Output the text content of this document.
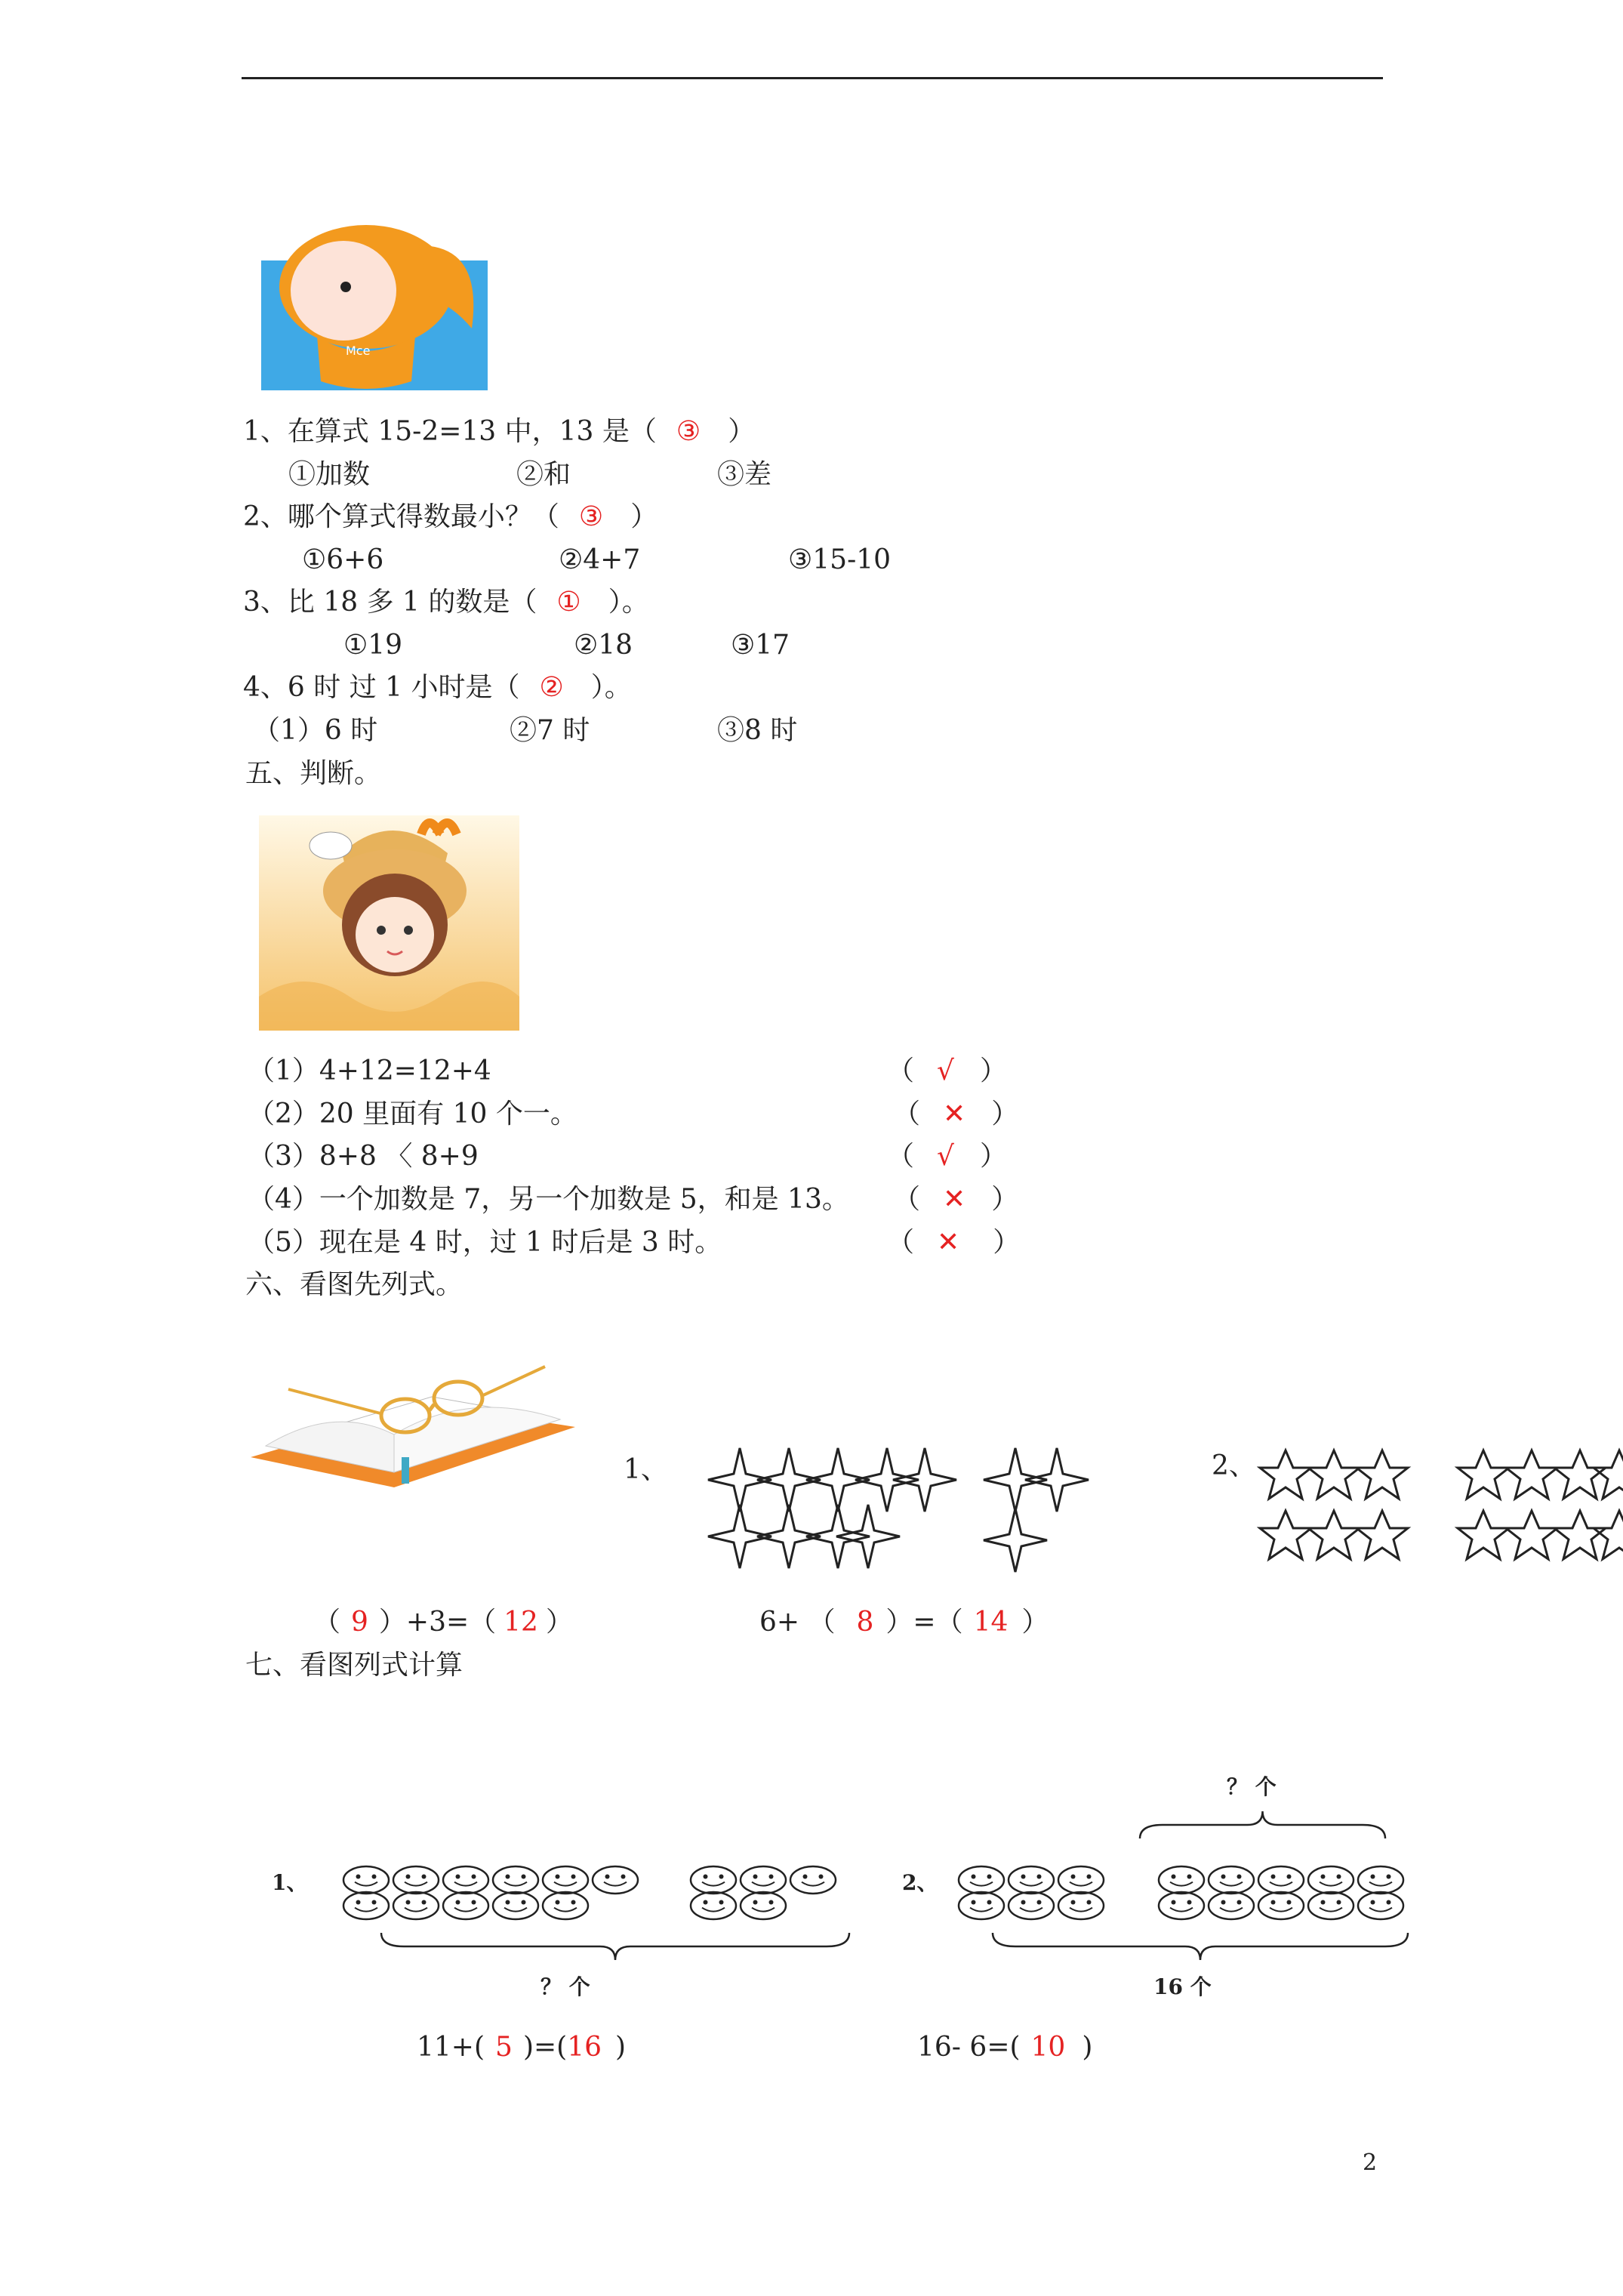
Mce
1、在算式 15-2=13 中，13 是（ ③ ）
①加数	②和	③差
2、哪个算式得数最小？（ ③ ）
①6+6	②4+7	③15-10
3、比 18 多 1 的数是（ ① ）。
①19	②18	③17
4、6 时 过 1 小时是（ ② ）。
（1）6 时	②7 时	③8 时
五、判断。
（1）4+12=12+4	（ √ ）
（2）20 里面有 10 个一。	（ ✕ ）
（3）8+8 〈 8+9	（ √ ）
（4）一个加数是 7，另一个加数是 5，和是 13。 （ ✕ ）
（5）现在是 4 时，过 1 时后是 3 时。	（ ✕ ）
六、看图先列式。
1、	2、
（ 9 ）+3=（ 12 ）	6+ （ 8 ）=（ 14 ）
七、看图列式计算
1、
？ 个
2、
？ 个
16 个
11+( 5 )=(16 )	16- 6=( 10 )
2
